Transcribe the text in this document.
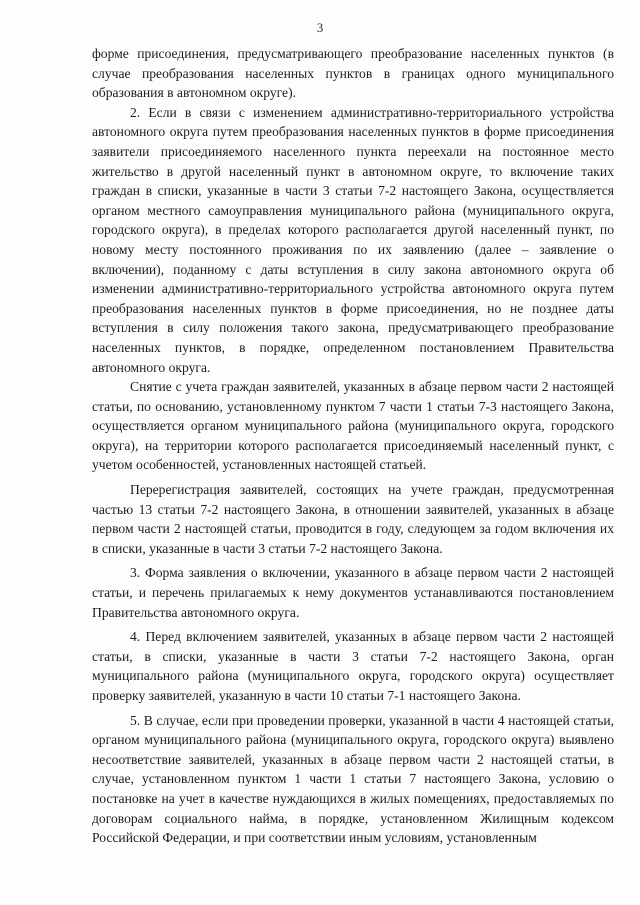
3

форме присоединения, предусматривающего преобразование населенных пунктов (в случае преобразования населенных пунктов в границах одного муниципального образования в автономном округе).

2. Если в связи с изменением административно-территориального устройства автономного округа путем преобразования населенных пунктов в форме присоединения заявители присоединяемого населенного пункта переехали на постоянное место жительство в другой населенный пункт в автономном округе, то включение таких граждан в списки, указанные в части 3 статьи 7-2 настоящего Закона, осуществляется органом местного самоуправления муниципального района (муниципального округа, городского округа), в пределах которого располагается другой населенный пункт, по новому месту постоянного проживания по их заявлению (далее – заявление о включении), поданному с даты вступления в силу закона автономного округа об изменении административно-территориального устройства автономного округа путем преобразования населенных пунктов в форме присоединения, но не позднее даты вступления в силу положения такого закона, предусматривающего преобразование населенных пунктов, в порядке, определенном постановлением Правительства автономного округа.

Снятие с учета граждан заявителей, указанных в абзаце первом части 2 настоящей статьи, по основанию, установленному пунктом 7 части 1 статьи 7-3 настоящего Закона, осуществляется органом муниципального района (муниципального округа, городского округа), на территории которого располагается присоединяемый населенный пункт, с учетом особенностей, установленных настоящей статьей.

Перерегистрация заявителей, состоящих на учете граждан, предусмотренная частью 13 статьи 7-2 настоящего Закона, в отношении заявителей, указанных в абзаце первом части 2 настоящей статьи, проводится в году, следующем за годом включения их в списки, указанные в части 3 статьи 7-2 настоящего Закона.

3. Форма заявления о включении, указанного в абзаце первом части 2 настоящей статьи, и перечень прилагаемых к нему документов устанавливаются постановлением Правительства автономного округа.

4. Перед включением заявителей, указанных в абзаце первом части 2 настоящей статьи, в списки, указанные в части 3 статьи 7-2 настоящего Закона, орган муниципального района (муниципального округа, городского округа) осуществляет проверку заявителей, указанную в части 10 статьи 7-1 настоящего Закона.

5. В случае, если при проведении проверки, указанной в части 4 настоящей статьи, органом муниципального района (муниципального округа, городского округа) выявлено несоответствие заявителей, указанных в абзаце первом части 2 настоящей статьи, в случае, установленном пунктом 1 части 1 статьи 7 настоящего Закона, условию о постановке на учет в качестве нуждающихся в жилых помещениях, предоставляемых по договорам социального найма, в порядке, установленном Жилищным кодексом Российской Федерации, и при соответствии иным условиям, установленным
